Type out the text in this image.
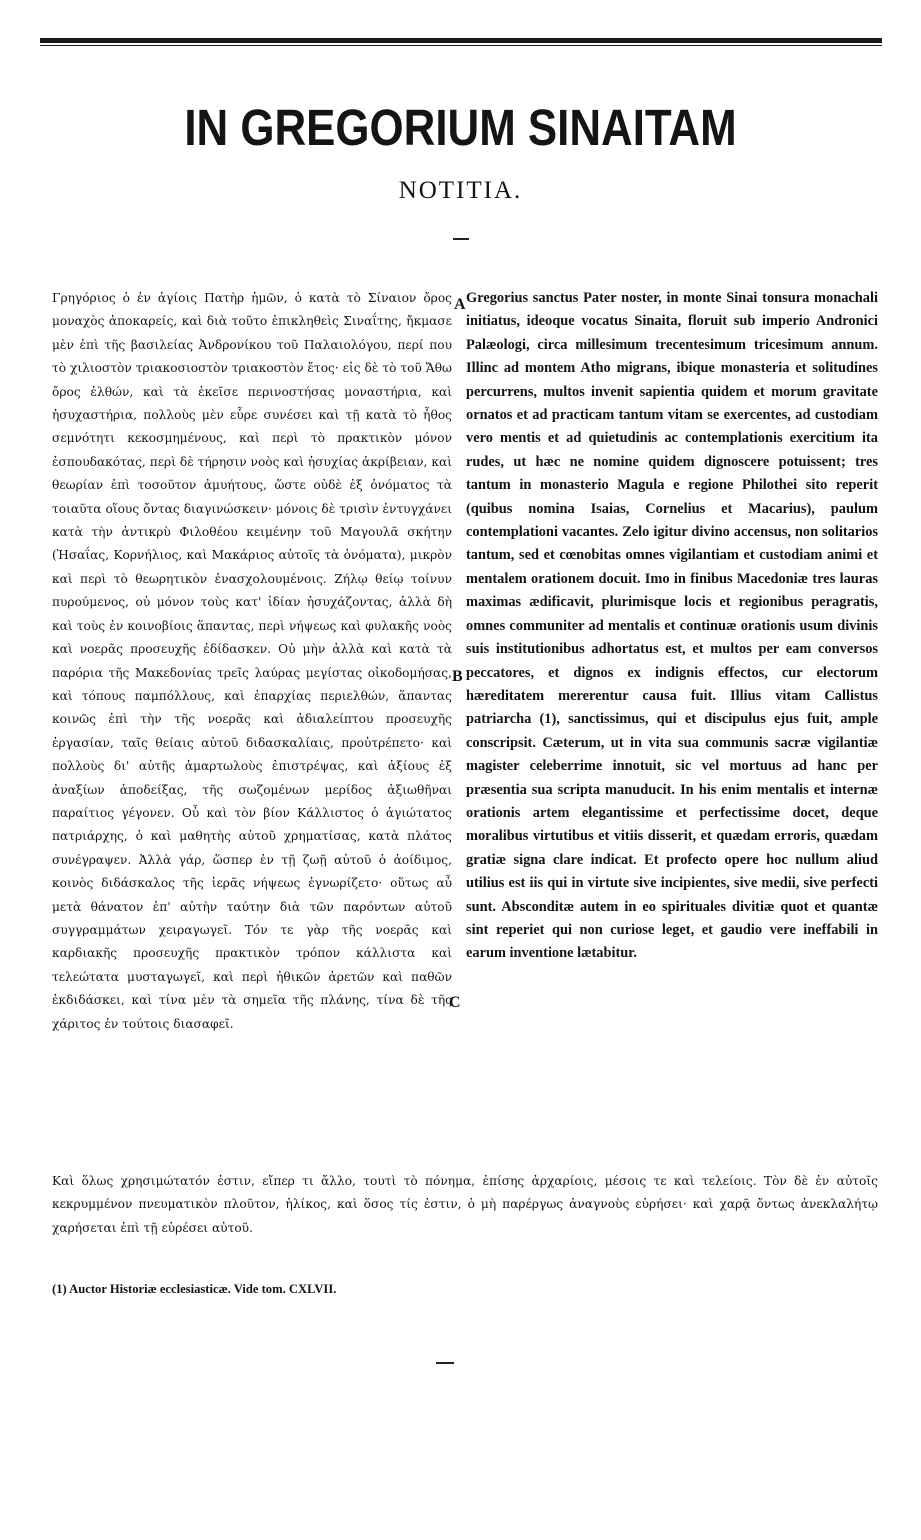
IN GREGORIUM SINAITAM
NOTITIA.
Γρηγόριος ὁ ἐν ἁγίοις Πατὴρ ἡμῶν, ὁ κατὰ τὸ Σίναιον ὄρος μοναχὸς ἀποκαρείς, καὶ διὰ τοῦτο ἐπικληθεὶς Σιναΐτης, ἤκμασε μὲν ἐπὶ τῆς βασιλείας Ἀνδρονίκου τοῦ Παλαιολόγου, περί που τὸ χιλιοστὸν τριακοσιοστὸν τριακοστὸν ἔτος· εἰς δὲ τὸ τοῦ Ἄθω ὄρος ἐλθών, καὶ τὰ ἐκεῖσε περινοστήσας μοναστήρια, καὶ ἡσυχαστήρια, πολλοὺς μὲν εὗρε συνέσει καὶ τῇ κατὰ τὸ ἦθος σεμνότητι κεκοσμημένους, καὶ περὶ τὸ πρακτικὸν μόνον ἐσπουδακότας, περὶ δὲ τήρησιν νοὸς καὶ ἡσυχίας ἀκρίβειαν, καὶ θεωρίαν ἐπὶ τοσοῦτον ἀμυήτους, ὥστε οὐδὲ ἐξ ὀνόματος τὰ τοιαῦτα οἵους ὄντας διαγινώσκειν· μόνοις δὲ τρισὶν ἐντυγχάνει κατὰ τὴν ἀντικρὺ Φιλοθέου κειμένην τοῦ Μαγουλᾶ σκήτην (Ἡσαΐας, Κορνήλιος, καὶ Μακάριος αὐτοῖς τὰ ὀνόματα), μικρὸν καὶ περὶ τὸ θεωρητικὸν ἐνασχολουμένοις. Ζήλῳ θείῳ τοίνυν πυρούμενος, οὐ μόνον τοὺς κατ' ἰδίαν ἡσυχάζοντας, ἀλλὰ δὴ καὶ τοὺς ἐν κοινοβίοις ἅπαντας, περὶ νήψεως καὶ φυλακῆς νοὸς καὶ νοερᾶς προσευχῆς ἐδίδασκεν. Οὐ μὴν ἀλλὰ καὶ κατὰ τὰ παρόρια τῆς Μακεδονίας τρεῖς λαύρας μεγίστας οἰκοδομήσας, καὶ τόπους παμπόλλους, καὶ ἐπαρχίας περιελθών, ἅπαντας κοινῶς ἐπὶ τὴν τῆς νοερᾶς καὶ ἀδιαλείπτου προσευχῆς ἐργασίαν, ταῖς θείαις αὐτοῦ διδασκαλίαις, προὐτρέπετο· καὶ πολλοὺς δι' αὐτῆς ἁμαρτωλοὺς ἐπιστρέψας, καὶ ἀξίους ἐξ ἀναξίων ἀποδείξας, τῆς σωζομένων μερίδος ἀξιωθῆναι παραίτιος γέγονεν. Οὗ καὶ τὸν βίον Κάλλιστος ὁ ἁγιώτατος πατριάρχης, ὁ καὶ μαθητὴς αὐτοῦ χρηματίσας, κατὰ πλάτος συνέγραψεν. Ἀλλὰ γάρ, ὥσπερ ἐν τῇ ζωῇ αὐτοῦ ὁ ἀοίδιμος, κοινὸς διδάσκαλος τῆς ἱερᾶς νήψεως ἐγνωρίζετο· οὕτως αὖ μετὰ θάνατον ἐπ' αὐτὴν ταύτην διὰ τῶν παρόντων αὐτοῦ συγγραμμάτων χειραγωγεῖ. Τόν τε γὰρ τῆς νοερᾶς καὶ καρδιακῆς προσευχῆς πρακτικὸν τρόπον κάλλιστα καὶ τελεώτατα μυσταγωγεῖ, καὶ περὶ ἠθικῶν ἀρετῶν καὶ παθῶν ἐκδιδάσκει, καὶ τίνα μὲν τὰ σημεῖα τῆς πλάνης, τίνα δὲ τῆς χάριτος ἐν τούτοις διασαφεῖ.
Gregorius sanctus Pater noster, in monte Sinai tonsura monachali initiatus, ideoque vocatus Sinaita, floruit sub imperio Andronici Palæologi, circa millesimum trecentesimum tricesimum annum. Illinc ad montem Atho migrans, ibique monasteria et solitudines percurrens, multos invenit sapientia quidem et morum gravitate ornatos et ad practicam tantum vitam se exercentes, ad custodiam vero mentis et ad quietudinis ac contemplationis exercitium ita rudes, ut hæc ne nomine quidem dignoscere potuissent; tres tantum in monasterio Magula e regione Philothei sito reperit (quibus nomina Isaias, Cornelius et Macarius), paulum contemplationi vacantes. Zelo igitur divino accensus, non solitarios tantum, sed et cœnobitas omnes vigilantiam et custodiam animi et mentalem orationem docuit. Imo in finibus Macedoniæ tres lauras maximas ædificavit, plurimisque locis et regionibus peragratis, omnes communiter ad mentalis et continuæ orationis usum divinis suis institutionibus adhortatus est, et multos per eam conversos peccatores, et dignos ex indignis effectos, cur electorum hæreditatem mererentur causa fuit. Illius vitam Callistus patriarcha (1), sanctissimus, qui et discipulus ejus fuit, ample conscripsit. Cæterum, ut in vita sua communis sacræ vigilantiæ magister celeberrime innotuit, sic vel mortuus ad hanc per præsentia sua scripta manuducit. In his enim mentalis et internæ orationis artem elegantissime et perfectissime docet, deque moralibus virtutibus et vitiis disserit, et quædam erroris, quædam gratiæ signa clare indicat. Et profecto opere hoc nullum aliud utilius est iis qui in virtute sive incipientes, sive medii, sive perfecti sunt. Absconditæ autem in eo spirituales divitiæ quot et quantæ sint reperiet qui non curiose leget, et gaudio vere ineffabili in earum inventione lætabitur.
A
B
C
Καὶ ὅλως χρησιμώτατόν ἐστιν, εἴπερ τι ἄλλο, τουτὶ τὸ πόνημα, ἐπίσης ἀρχαρίοις, μέσοις τε καὶ τελείοις. Τὸν δὲ ἐν αὐτοῖς κεκρυμμένον πνευματικὸν πλοῦτον, ἡλίκος, καὶ ὅσος τίς ἐστιν, ὁ μὴ παρέργως ἀναγνοὺς εὑρήσει· καὶ χαρᾷ ὄντως ἀνεκλαλήτῳ χαρήσεται ἐπὶ τῇ εὑρέσει αὐτοῦ.
(1) Auctor Historiæ ecclesiasticæ. Vide tom. CXLVII.
